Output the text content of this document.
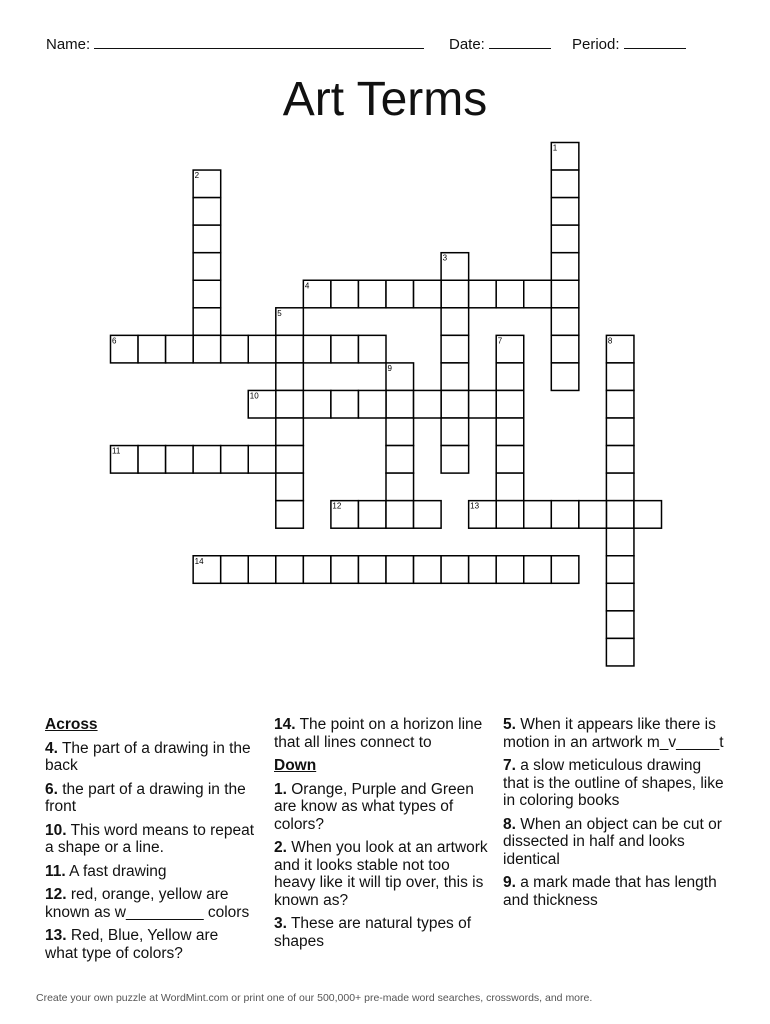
Name:	Date:	Period:
Art Terms
1
2
3
4
5
6	7	8
9
10
11
12	13
14
Across
4. The part of a drawing in the back
6. the part of a drawing in the front
10. This word means to repeat a shape or a line.
11. A fast drawing
12. red, orange, yellow are known as w_________ colors
13. Red, Blue, Yellow are what type of colors?
14. The point on a horizon line that all lines connect to
Down
1. Orange, Purple and Green are know as what types of colors?
2. When you look at an artwork and it looks stable not too heavy like it will tip over, this is known as?
3. These are natural types of shapes
5. When it appears like there is motion in an artwork m_v_____t
7. a slow meticulous drawing that is the outline of shapes, like in coloring books
8. When an object can be cut or dissected in half and looks identical
9. a mark made that has length and thickness
Create your own puzzle at WordMint.com or print one of our 500,000+ pre-made word searches, crosswords, and more.
